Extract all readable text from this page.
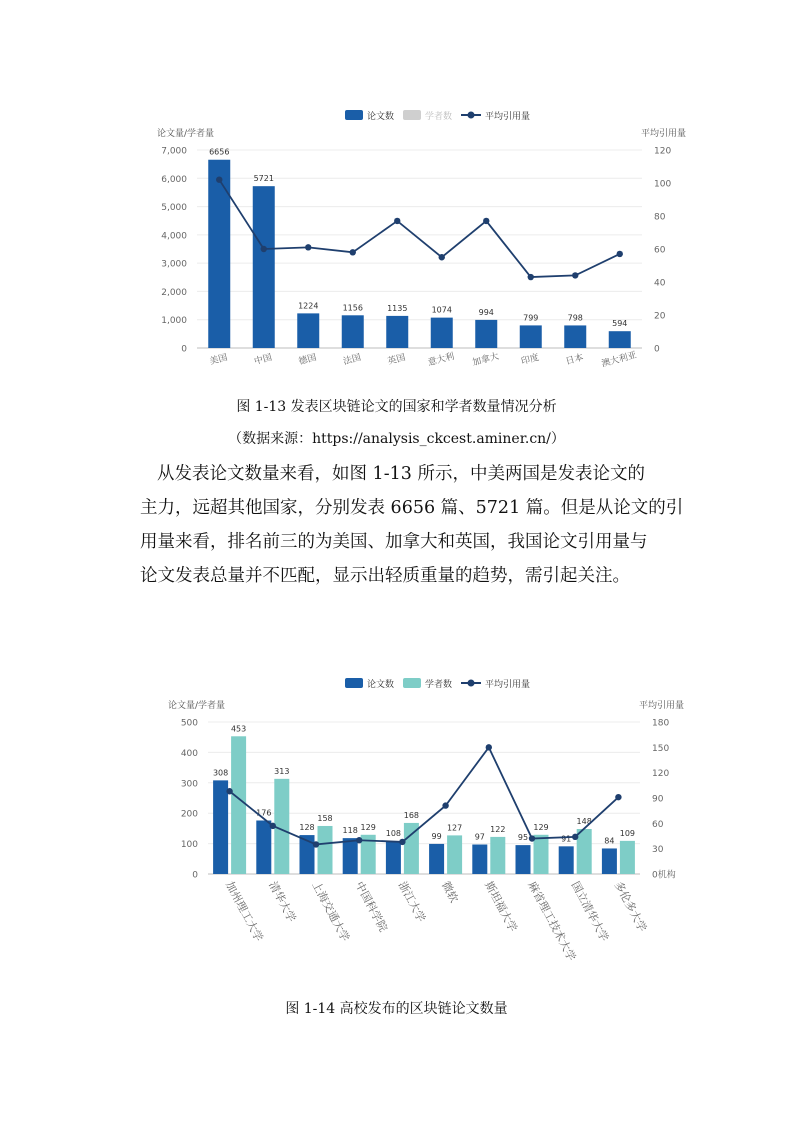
论文数	学者数	平均引用量
论文量/学者量	平均引用量
0
1,000
2,000
3,000
4,000
5,000
6,000
7,000
0
20
40
60
80
100
120
6656
5721
1224	1156	1135	1074	994
799	798
594
美国	中国	德国	法国	英国 意大利 加拿大 印度	日本 澳大利亚
图 1-13 发表区块链论文的国家和学者数量情况分析
（数据来源：https://analysis_ckcest.aminer.cn/）
从发表论文数量来看，如图 1-13 所示，中美两国是发表论文的
主力，远超其他国家，分别发表 6656 篇、5721 篇。但是从论文的引
用量来看，排名前三的为美国、加拿大和英国，我国论文引用量与
论文发表总量并不匹配，显示出轻质重量的趋势，需引起关注。
论文数	学者数	平均引用量
论文量/学者量	平均引用量
0
100
200
300
400
500
0机构
30
60
90
120
150
180
308
176
128	118	108	99	97	95	91	84
453
313
158
129
168
127	122	129
148
109
加州理工大学 清华大学 上海交通大学 中国科学院 浙江大学 微软 斯坦福大学 麻省理工技术大学
国立清华大学 多伦多大学
图 1-14 高校发布的区块链论文数量
